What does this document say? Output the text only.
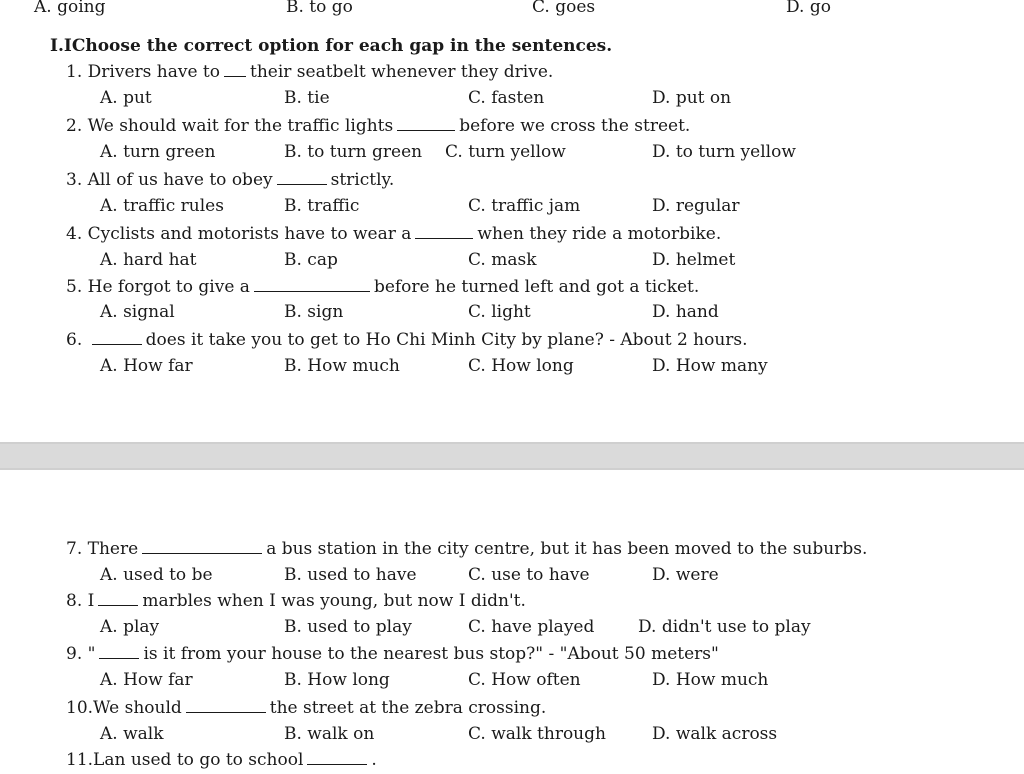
A. going	B. to go	C. goes	D. go
I.IChoose the correct option for each gap in the sentences.
1. Drivers have to their seatbelt whenever they drive.
A. put	B. tie	C. fasten	D. put on
2. We should wait for the traffic lights	before we cross the street.
A. turn green	B. to turn green C. turn yellow	D. to turn yellow
3. All of us have to obey	strictly.
A. traffic rules	B. traffic	C. traffic jam	D. regular
4. Cyclists and motorists have to wear a	when they ride a motorbike.
A. hard hat	B. cap	C. mask	D. helmet
5. He forgot to give a	before he turned left and got a ticket.
A. signal	B. sign	C. light	D. hand
6.	does it take you to get to Ho Chi Minh City by plane? - About 2 hours.
A. How far	B. How much	C. How long	D. How many
7. There	a bus station in the city centre, but it has been moved to the suburbs.
A. used to be	B. used to have	C. use to have	D. were
8. I	marbles when I was young, but now I didn't.
A. play	B. used to play	C. have played	D. didn't use to play
9. "	is it from your house to the nearest bus stop?" - "About 50 meters"
A. How far	B. How long	C. How often	D. How much
10.We should	the street at the zebra crossing.
A. walk	B. walk on	C. walk through	D. walk across
11.Lan used to go to school	.
